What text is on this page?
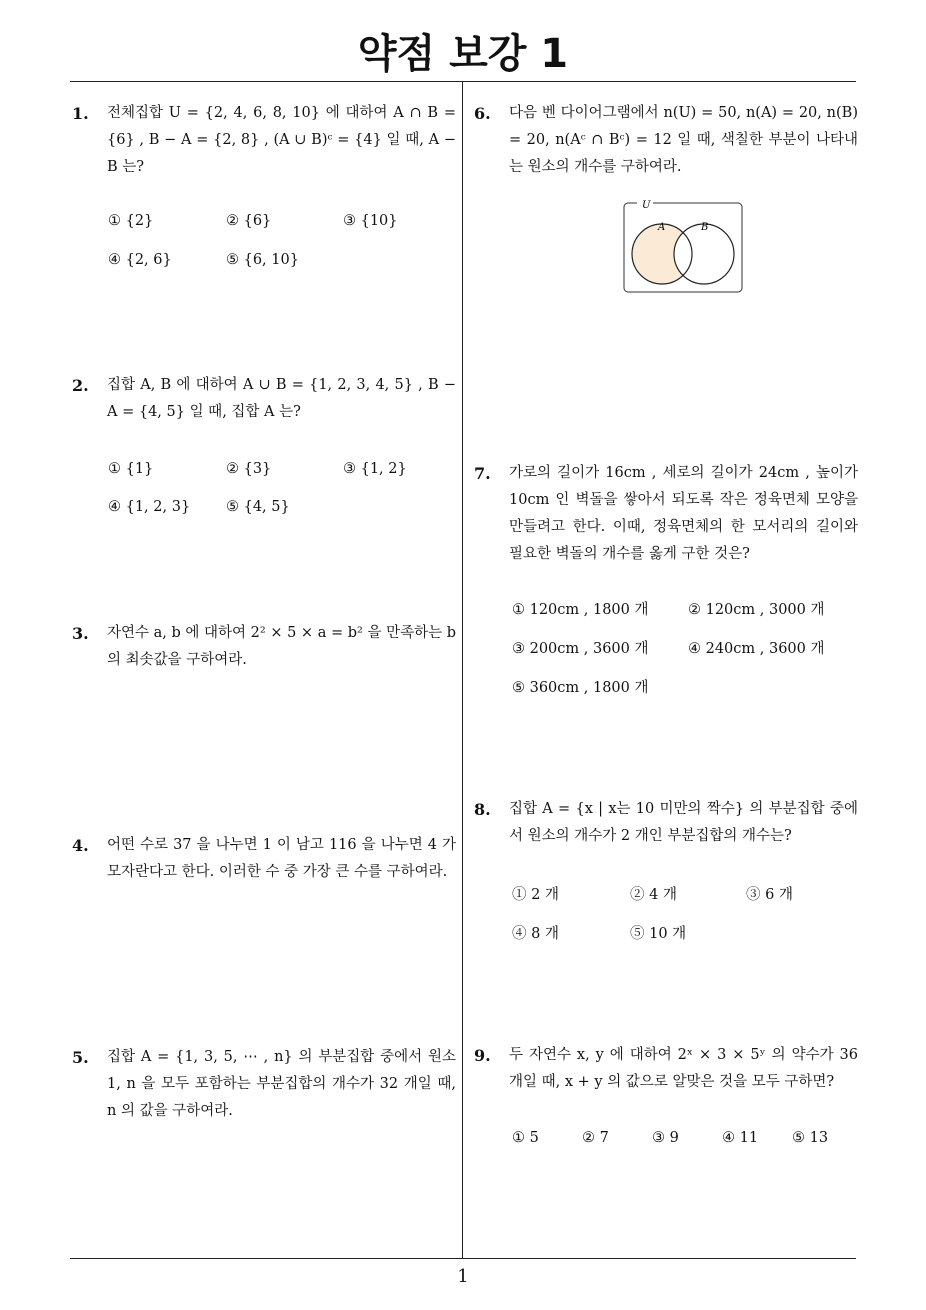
약점 보강 1
1. 전체집합 U = {2, 4, 6, 8, 10} 에 대하여 A ∩ B = {6} , B − A = {2, 8} , (A ∪ B)ᶜ = {4} 일 때, A − B 는?
① {2}	② {6}	③ {10}
④ {2, 6}	⑤ {6, 10}
2. 집합 A, B 에 대하여 A ∪ B = {1, 2, 3, 4, 5} , B − A = {4, 5} 일 때, 집합 A 는?
① {1}	② {3}	③ {1, 2}
④ {1, 2, 3} ⑤ {4, 5}
3. 자연수 a, b 에 대하여 2² × 5 × a = b² 을 만족하는 b 의 최솟값을 구하여라.
4. 어떤 수로 37 을 나누면 1 이 남고 116 을 나누면 4 가 모자란다고 한다. 이러한 수 중 가장 큰 수를 구하여라.
5. 집합 A = {1, 3, 5, ⋯ , n} 의 부분집합 중에서 원소 1, n 을 모두 포함하는 부분집합의 개수가 32 개일 때, n 의 값을 구하여라.
6. 다음 벤 다이어그램에서 n(U) = 50, n(A) = 20, n(B) = 20, n(Aᶜ ∩ Bᶜ) = 12 일 때, 색칠한 부분이 나타내는 원소의 개수를 구하여라.
U
A	B
7. 가로의 길이가 16cm , 세로의 길이가 24cm , 높이가 10cm 인 벽돌을 쌓아서 되도록 작은 정육면체 모양을 만들려고 한다. 이때, 정육면체의 한 모서리의 길이와 필요한 벽돌의 개수를 옳게 구한 것은?
① 120cm , 1800 개	② 120cm , 3000 개
③ 200cm , 3600 개	④ 240cm , 3600 개
⑤ 360cm , 1800 개
8. 집합 A = {x | x는 10 미만의 짝수} 의 부분집합 중에서 원소의 개수가 2 개인 부분집합의 개수는?
① 2 개	② 4 개	③ 6 개
④ 8 개	⑤ 10 개
9. 두 자연수 x, y 에 대하여 2ˣ × 3 × 5ʸ 의 약수가 36 개일 때, x + y 의 값으로 알맞은 것을 모두 구하면?
① 5	② 7	③ 9	④ 11 ⑤ 13
1
